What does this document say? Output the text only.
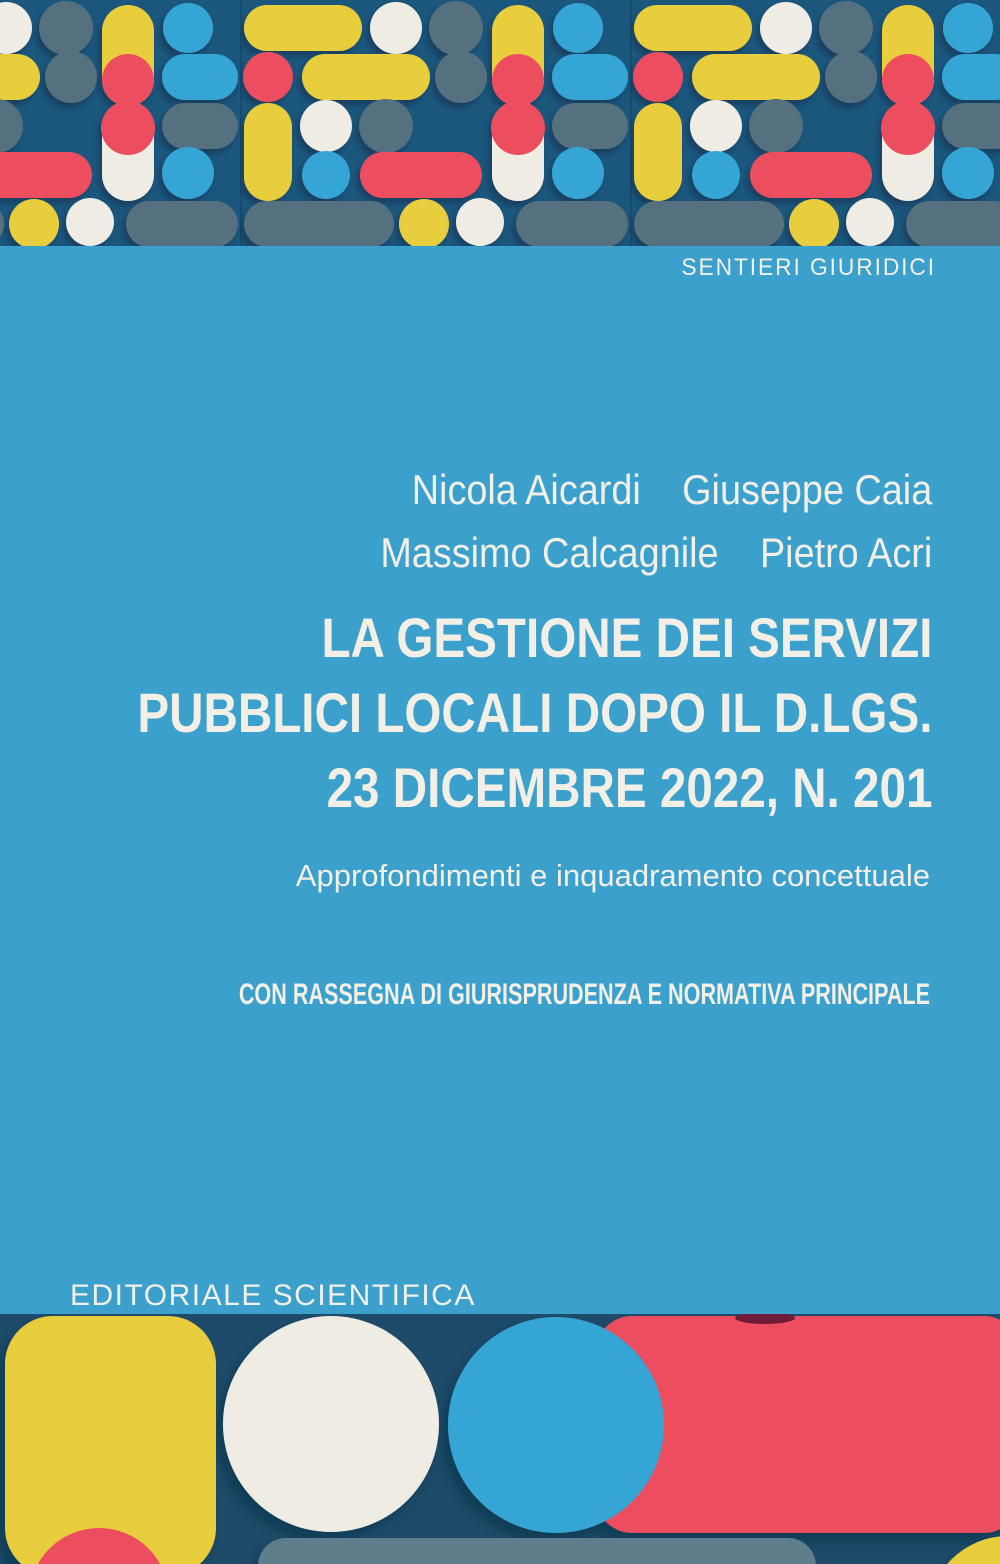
SENTIERI GIURIDICI
Nicola Aicardi Giuseppe Caia
Massimo Calcagnile Pietro Acri
LA GESTIONE DEI SERVIZI
PUBBLICI LOCALI DOPO IL D.LGS.
23 DICEMBRE 2022, N. 201
Approfondimenti e inquadramento concettuale
CON RASSEGNA DI GIURISPRUDENZA E NORMATIVA PRINCIPALE
EDITORIALE SCIENTIFICA
